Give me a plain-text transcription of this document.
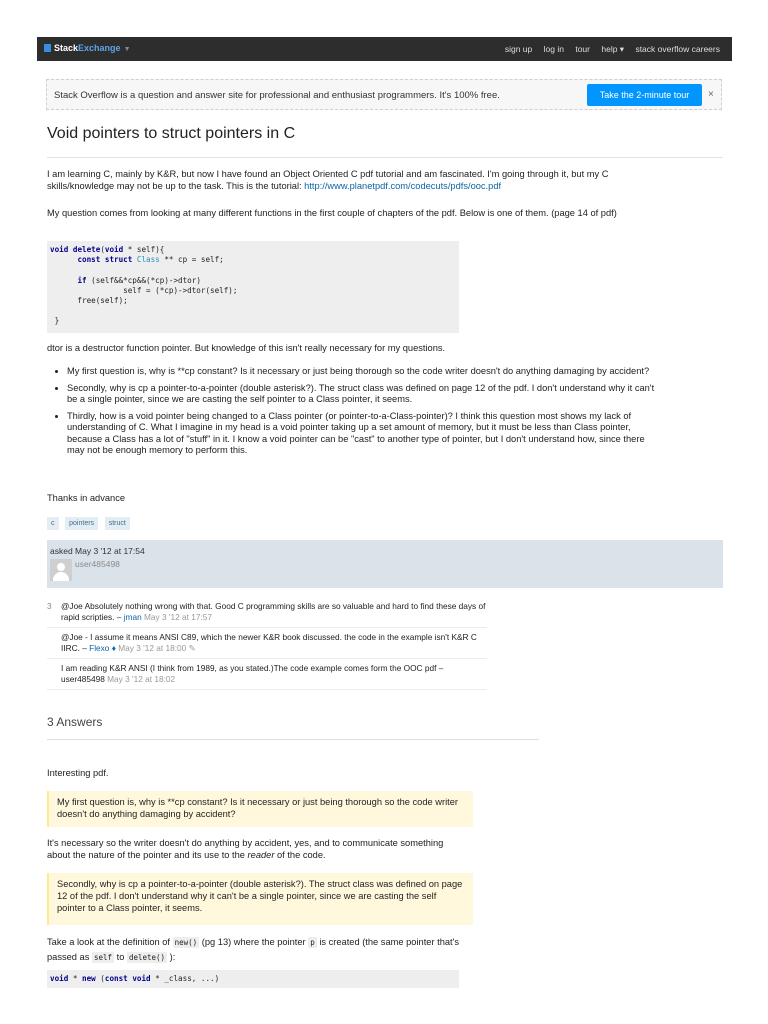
StackExchange ▼	sign up log in tour help ▾ stack overflow careers
Stack Overflow is a question and answer site for professional and enthusiast programmers. It's 100% free.	Take the 2-minute tour	×
Void pointers to struct pointers in C
I am learning C, mainly by K&R, but now I have found an Object Oriented C pdf tutorial and am fascinated. I'm going through it, but my C skills/knowledge may not be up to the task. This is the tutorial: http://www.planetpdf.com/codecuts/pdfs/ooc.pdf
My question comes from looking at many different functions in the first couple of chapters of the pdf. Below is one of them. (page 14 of pdf)
void delete(void * self){
const struct Class ** cp = self;

if (self&&*cp&&(*cp)->dtor)
self = (*cp)->dtor(self);
free(self);

}
dtor is a destructor function pointer. But knowledge of this isn't really necessary for my questions.
• My first question is, why is **cp constant? Is it necessary or just being thorough so the code writer doesn't do anything damaging by accident?
• Secondly, why is cp a pointer-to-a-pointer (double asterisk?). The struct class was defined on page 12 of the pdf. I don't understand why it can't be a single pointer, since we are casting the self pointer to a Class pointer, it seems.
• Thirdly, how is a void pointer being changed to a Class pointer (or pointer-to-a-Class-pointer)? I think this question most shows my lack of understanding of C. What I imagine in my head is a void pointer taking up a set amount of memory, but it must be less than Class pointer, because a Class has a lot of "stuff" in it. I know a void pointer can be "cast" to another type of pointer, but I don't understand how, since there may not be enough memory to perform this.
Thanks in advance
c pointers struct
asked May 3 '12 at 17:54
user485498
3 @Joe Absolutely nothing wrong with that. Good C programming skills are so valuable and hard to find these days of rapid scripties. – jman May 3 '12 at 17:57
@Joe - I assume it means ANSI C89, which the newer K&R book discussed. the code in the example isn't K&R C IIRC. – Flexo ♦ May 3 '12 at 18:00 ✎
I am reading K&R ANSI (I think from 1989, as you stated.)The code example comes form the OOC pdf – user485498 May 3 '12 at 18:02
3 Answers
Interesting pdf.
My first question is, why is **cp constant? Is it necessary or just being thorough so the code writer doesn't do anything damaging by accident?
It's necessary so the writer doesn't do anything by accident, yes, and to communicate something about the nature of the pointer and its use to the reader of the code.
Secondly, why is cp a pointer-to-a-pointer (double asterisk?). The struct class was defined on page 12 of the pdf. I don't understand why it can't be a single pointer, since we are casting the self pointer to a Class pointer, it seems.
Take a look at the definition of new() (pg 13) where the pointer p is created (the same pointer that's passed as self to delete() ):
void * new (const void * _class, ...)
